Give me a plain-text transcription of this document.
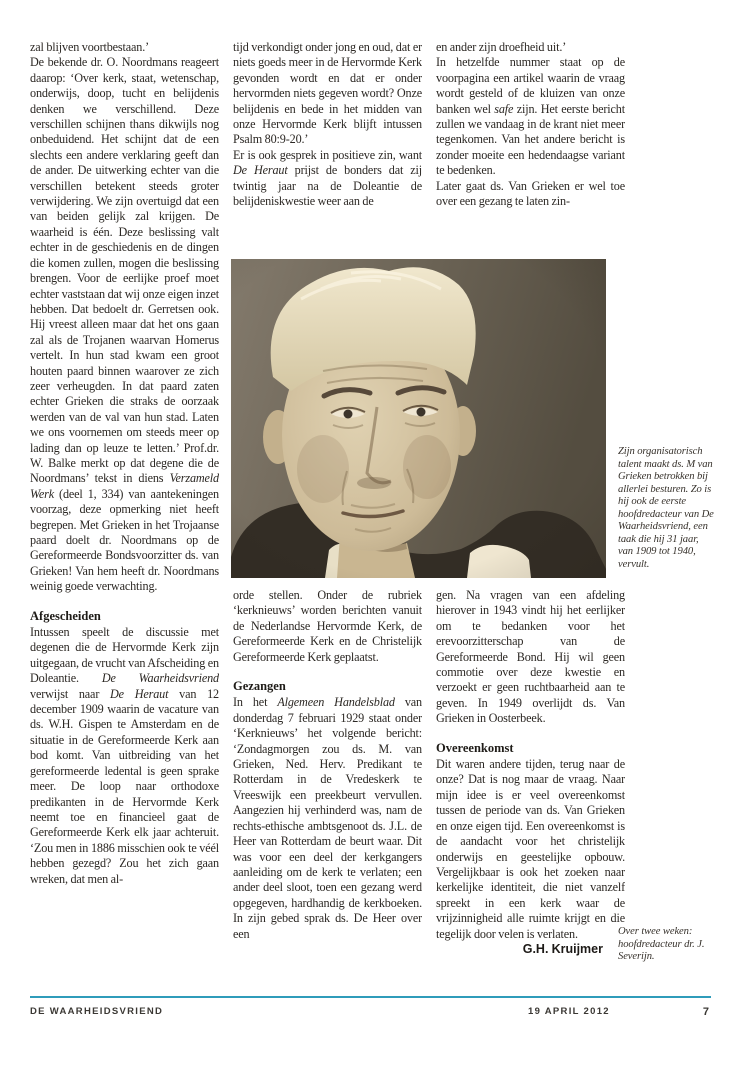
zal blijven voortbestaan.’

De bekende dr. O. Noordmans reageert daarop: ‘Over kerk, staat, wetenschap, onderwijs, doop, tucht en belijdenis denken we verschillend. Deze verschillen schijnen thans dikwijls nog onbeduidend. Het schijnt dat de een slechts een andere verklaring geeft dan de ander. De uitwerking echter van die verschillen betekent steeds groter verwijdering. We zijn overtuigd dat een van beiden gelijk zal krijgen. De waarheid is één. Deze beslissing valt echter in de geschiedenis en de dingen die komen zullen, mogen die beslissing brengen. Voor de eerlijke proef moet echter vaststaan dat wij onze eigen inzet hebben. Dat bedoelt dr. Gerretsen ook. Hij vreest alleen maar dat het ons gaan zal als de Trojanen waarvan Homerus vertelt. In hun stad kwam een groot houten paard binnen waarover ze zich zeer verheugden. In dat paard zaten echter Grieken die straks de oorzaak werden van de val van hun stad. Laten we ons voornemen om steeds meer op lading dan op leuze te letten.’ Prof.dr. W. Balke merkt op dat degene die de Noordmans’ tekst in diens Verzameld Werk (deel 1, 334) van aantekeningen voorzag, deze opmerking niet heeft begrepen. Met Grieken in het Trojaanse paard doelt dr. Noordmans op de Gereformeerde Bondsvoorzitter ds. van Grieken! Van hem heeft dr. Noordmans weinig goede verwachting.

Afgescheiden

Intussen speelt de discussie met degenen die de Hervormde Kerk zijn uitgegaan, de vrucht van Afscheiding en Doleantie. De Waarheidsvriend verwijst naar De Heraut van 12 december 1909 waarin de vacature van ds. W.H. Gispen te Amsterdam en de situatie in de Gereformeerde Kerk aan bod komt. Van uitbreiding van het gereformeerde ledental is geen sprake meer. De loop naar orthodoxe predikanten in de Hervormde Kerk neemt toe en financieel gaat de Gereformeerde Kerk elk jaar achteruit. ‘Zou men in 1886 misschien ook te véél hebben gezegd? Zou het zich gaan wreken, dat men al-

tijd verkondigt onder jong en oud, dat er niets goeds meer in de Hervormde Kerk gevonden wordt en dat er onder hervormden niets gegeven wordt? Onze belijdenis en bede in het midden van onze Hervormde Kerk blijft intussen Psalm 80:9-20.’

Er is ook gesprek in positieve zin, want De Heraut prijst de bonders dat zij twintig jaar na de Doleantie de belijdeniskwestie weer aan de

en ander zijn droefheid uit.’

In hetzelfde nummer staat op de voorpagina een artikel waarin de vraag wordt gesteld of de kluizen van onze banken wel safe zijn. Het eerste bericht zullen we vandaag in de krant niet meer tegenkomen. Van het andere bericht is zonder moeite een hedendaagse variant te bedenken.

Later gaat ds. Van Grieken er wel toe over een gezang te laten zin-

orde stellen. Onder de rubriek ‘kerknieuws’ worden berichten vanuit de Nederlandse Hervormde Kerk, de Gereformeerde Kerk en de Christelijk Gereformeerde Kerk geplaatst.

Gezangen

In het Algemeen Handelsblad van donderdag 7 februari 1929 staat onder ‘Kerknieuws’ het volgende bericht: ‘Zondagmorgen zou ds. M. van Grieken, Ned. Herv. Predikant te Rotterdam in de Vredeskerk te Vreeswijk een preekbeurt vervullen. Aangezien hij verhinderd was, nam de rechts-ethische ambtsgenoot ds. J.L. de Heer van Rotterdam de beurt waar. Dit was voor een deel der kerkgangers aanleiding om de kerk te verlaten; een ander deel sloot, toen een gezang werd opgegeven, hardhandig de kerkboeken. In zijn gebed sprak ds. De Heer over een

gen. Na vragen van een afdeling hierover in 1943 vindt hij het eerlijker om te bedanken voor het erevoorzitterschap van de Gereformeerde Bond. Hij wil geen commotie over deze kwestie en verzoekt er geen ruchtbaarheid aan te geven. In 1949 overlijdt ds. Van Grieken in Oosterbeek.

Overeenkomst

Dit waren andere tijden, terug naar de onze? Dat is nog maar de vraag. Naar mijn idee is er veel overeenkomst tussen de periode van ds. Van Grieken en onze eigen tijd. Een overeenkomst is de aandacht voor het christelijk onderwijs en geestelijke opbouw. Vergelijkbaar is ook het zoeken naar kerkelijke identiteit, die niet vanzelf spreekt in een kerk waar de vrijzinnigheid alle ruimte krijgt en die tegelijk door velen is verlaten.

G.H. Kruijmer

Zijn organisatorisch talent maakt ds. M van Grieken betrokken bij allerlei besturen. Zo is hij ook de eerste hoofdredacteur van De Waarheidsvriend, een taak die hij 31 jaar, van 1909 tot 1940, vervult.
Over twee weken: hoofdredacteur dr. J. Severijn.
DE WAARHEIDSVRIEND	19 APRIL 2012	7
